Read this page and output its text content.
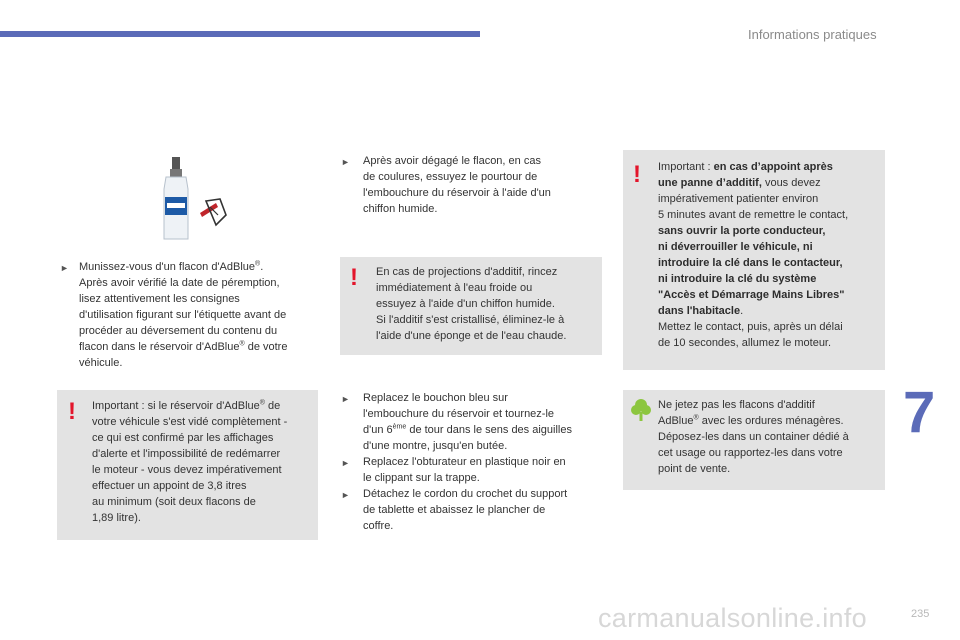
Informations pratiques
7
► Munissez-vous d'un flacon d'AdBlue®.
Après avoir vérifié la date de péremption,
lisez attentivement les consignes
d'utilisation figurant sur l'étiquette avant de
procéder au déversement du contenu du
flacon dans le réservoir d'AdBlue® de votre
véhicule.
! Important : si le réservoir d'AdBlue® de
votre véhicule s'est vidé complètement -
ce qui est confirmé par les affichages
d'alerte et l'impossibilité de redémarrer
le moteur - vous devez impérativement
effectuer un appoint de 3,8 itres
au minimum (soit deux flacons de
1,89 litre).
► Après avoir dégagé le flacon, en cas
de coulures, essuyez le pourtour de
l'embouchure du réservoir à l'aide d'un
chiffon humide.
! En cas de projections d'additif, rincez
immédiatement à l'eau froide ou
essuyez à l'aide d'un chiffon humide.
Si l'additif s'est cristallisé, éliminez-le à
l'aide d'une éponge et de l'eau chaude.
►
►
►
Replacez le bouchon bleu sur
l'embouchure du réservoir et tournez-le
d'un 6ème de tour dans le sens des aiguilles
d'une montre, jusqu'en butée.
Replacez l'obturateur en plastique noir en
le clippant sur la trappe.
Détachez le cordon du crochet du support
de tablette et abaissez le plancher de
coffre.
! Important : en cas d’appoint après
une panne d’additif, vous devez
impérativement patienter environ
5 minutes avant de remettre le contact,
sans ouvrir la porte conducteur,
ni déverrouiller le véhicule, ni
introduire la clé dans le contacteur,
ni introduire la clé du système
"Accès et Démarrage Mains Libres"
dans l'habitacle.
Mettez le contact, puis, après un délai
de 10 secondes, allumez le moteur.
Ne jetez pas les flacons d'additif
AdBlue® avec les ordures ménagères.
Déposez-les dans un container dédié à
cet usage ou rapportez-les dans votre
point de vente.
carmanualsonline.info	235
